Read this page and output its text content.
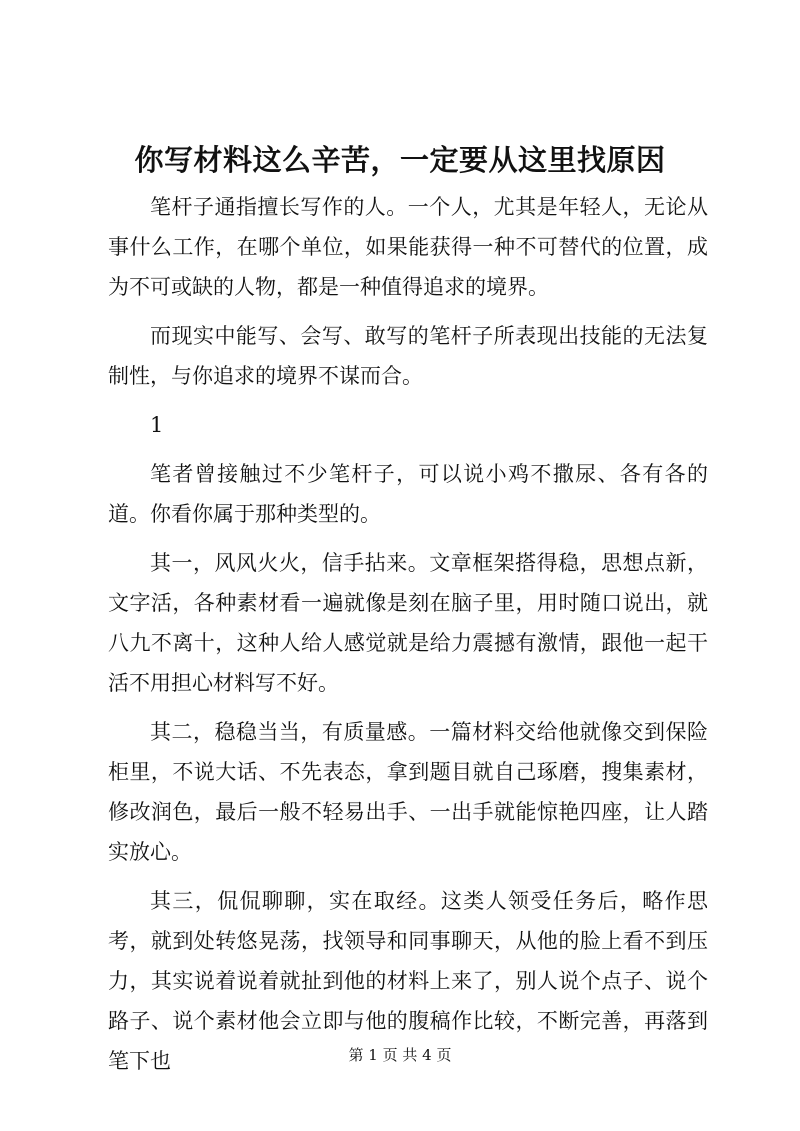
你写材料这么辛苦，一定要从这里找原因

笔杆子通指擅长写作的人。一个人，尤其是年轻人，无论从事什么工作，在哪个单位，如果能获得一种不可替代的位置，成为不可或缺的人物，都是一种值得追求的境界。

而现实中能写、会写、敢写的笔杆子所表现出技能的无法复制性，与你追求的境界不谋而合。

1

笔者曾接触过不少笔杆子，可以说小鸡不撒尿、各有各的道。你看你属于那种类型的。

其一，风风火火，信手拈来。文章框架搭得稳，思想点新，文字活，各种素材看一遍就像是刻在脑子里，用时随口说出，就八九不离十，这种人给人感觉就是给力震撼有激情，跟他一起干活不用担心材料写不好。

其二，稳稳当当，有质量感。一篇材料交给他就像交到保险柜里，不说大话、不先表态，拿到题目就自己琢磨，搜集素材，修改润色，最后一般不轻易出手、一出手就能惊艳四座，让人踏实放心。

其三，侃侃聊聊，实在取经。这类人领受任务后，略作思考，就到处转悠晃荡，找领导和同事聊天，从他的脸上看不到压力，其实说着说着就扯到他的材料上来了，别人说个点子、说个路子、说个素材他会立即与他的腹稿作比较，不断完善，再落到笔下也	第 1 页 共 4 页
